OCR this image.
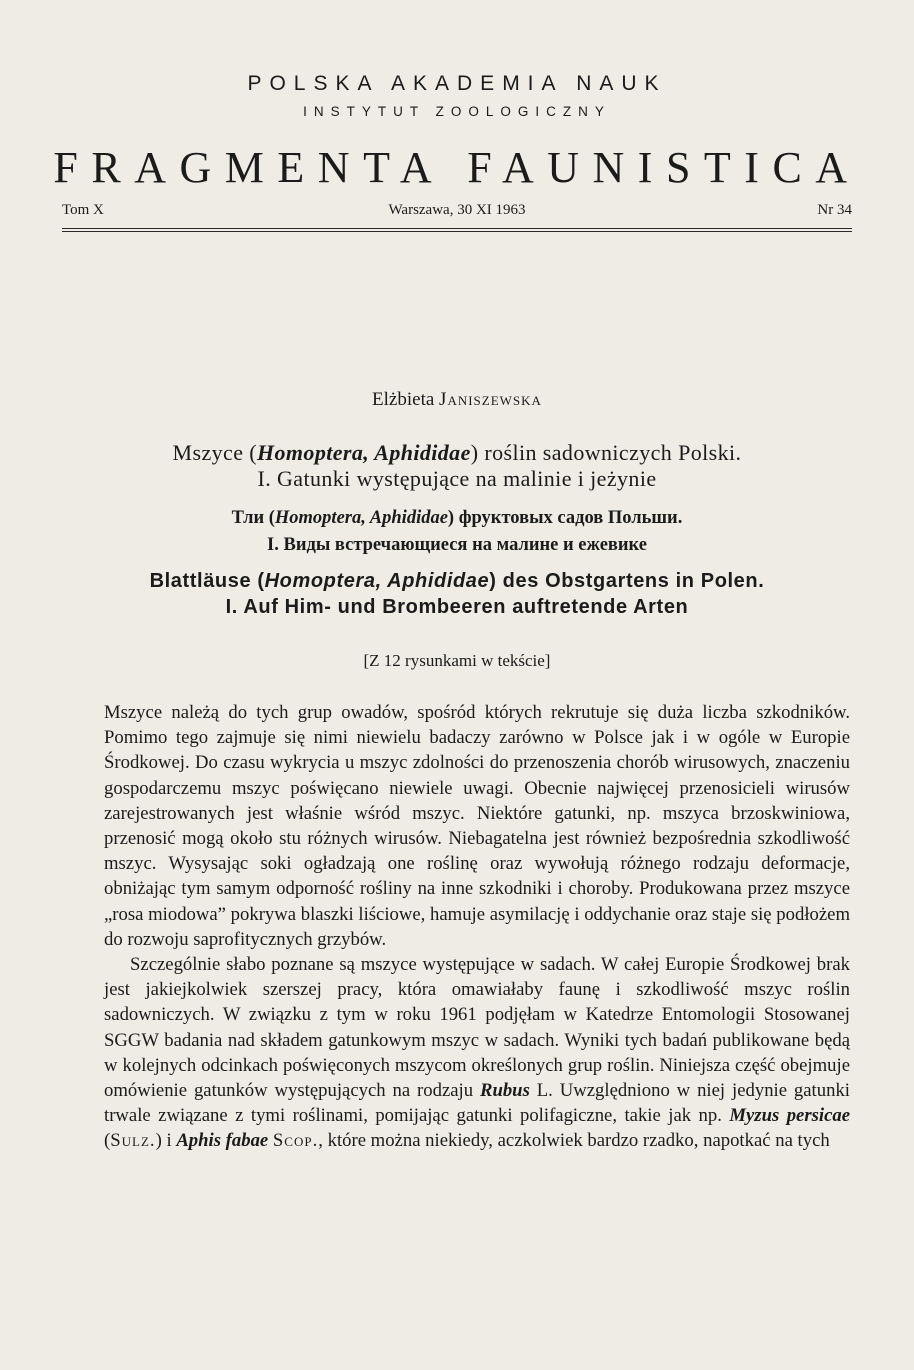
POLSKA AKADEMIA NAUK
INSTYTUT ZOOLOGICZNY
FRAGMENTA FAUNISTICA
Tom X	Warszawa, 30 XI 1963	Nr 34
Elżbieta Janiszewska
Mszyce (Homoptera, Aphididae) roślin sadowniczych Polski.
I. Gatunki występujące na malinie i jeżynie
Тли (Homoptera, Aphididae) фруктовых садов Польши.
I. Виды встречающиеся на малине и ежевике
Blattläuse (Homoptera, Aphididae) des Obstgartens in Polen.
I. Auf Him- und Brombeeren auftretende Arten
[Z 12 rysunkami w tekście]

Mszyce należą do tych grup owadów, spośród których rekrutuje się duża liczba szkodników. Pomimo tego zajmuje się nimi niewielu badaczy zarówno w Polsce jak i w ogóle w Europie Środkowej. Do czasu wykrycia u mszyc zdolności do przenoszenia chorób wirusowych, znaczeniu gospodarczemu mszyc poświęcano niewiele uwagi. Obecnie najwięcej przenosicieli wirusów zarejestrowanych jest właśnie wśród mszyc. Niektóre gatunki, np. mszyca brzoskwiniowa, przenosić mogą około stu różnych wirusów. Niebagatelna jest również bezpośrednia szkodliwość mszyc. Wysysając soki ogładzają one roślinę oraz wywołują różnego rodzaju deformacje, obniżając tym samym odporność rośliny na inne szkodniki i choroby. Produkowana przez mszyce „rosa miodowa” pokrywa blaszki liściowe, hamuje asymilację i oddychanie oraz staje się podłożem do rozwoju saprofitycznych grzybów.

Szczególnie słabo poznane są mszyce występujące w sadach. W całej Europie Środkowej brak jest jakiejkolwiek szerszej pracy, która omawiałaby faunę i szkodliwość mszyc roślin sadowniczych. W związku z tym w roku 1961 podjęłam w Katedrze Entomologii Stosowanej SGGW badania nad składem gatunkowym mszyc w sadach. Wyniki tych badań publikowane będą w kolejnych odcinkach poświęconych mszycom określonych grup roślin. Niniejsza część obejmuje omówienie gatunków występujących na rodzaju Rubus L. Uwzględniono w niej jedynie gatunki trwale związane z tymi roślinami, pomijając gatunki polifagiczne, takie jak np. Myzus persicae (Sulz.) i Aphis fabae Scop., które można niekiedy, aczkolwiek bardzo rzadko, napotkać na tych
